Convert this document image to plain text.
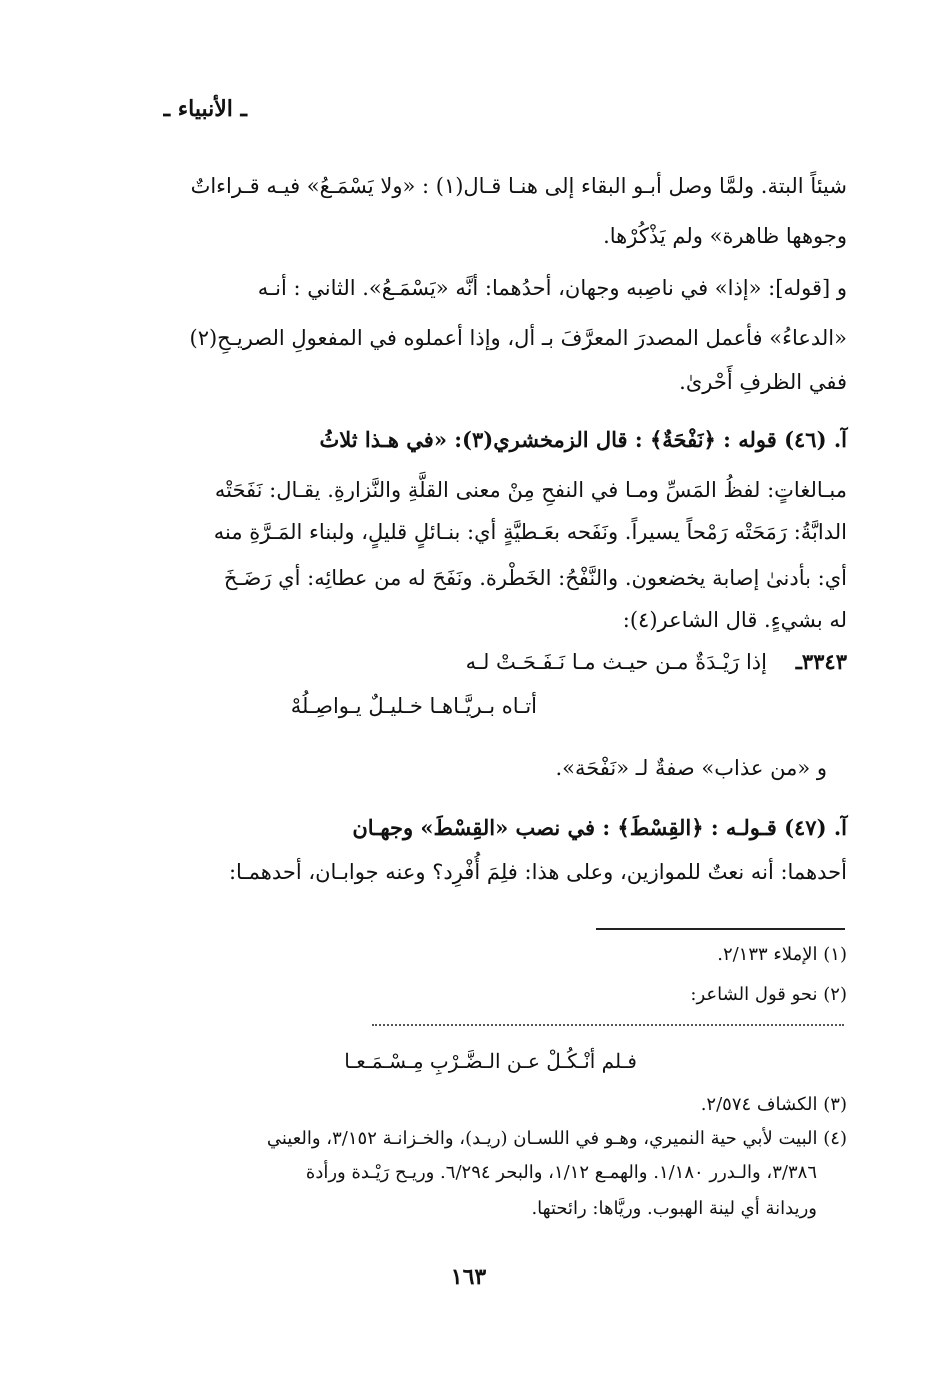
ـ الأنبياء ـ
شيئاً البتة. ولمَّا وصل أبـو البقاء إلى هنـا قـال(١) : «ولا يَسْمَـعُ» فيـه قـراءاتٌ
وجوهها ظاهرة» ولم يَذْكُرْها.
و [قوله]: «إذا» في ناصِبه وجهان، أحدُهما: أنَّه «يَسْمَـعُ». الثاني : أنـه
«الدعاءُ» فأعمل المصدرَ المعرَّفَ بـ أل، وإذا أعملوه في المفعولِ الصريـحِ(٢)
ففي الظرفِ أَحْرىٰ.
آ. (٤٦) قوله : ﴿نَفْحَةٌ﴾ : قال الزمخشري(٣): «في هـذا ثلاثُ
مبـالغاتٍ: لفظُ المَسِّ ومـا في النفحِ مِنْ معنى القلَّةِ والنَّزارةِ. يقـال: نَفَحَتْه
الدابَّةُ: رَمَحَتْه رَمْحاً يسيراً. ونَفَحه بعَـطيَّةٍ أي: بنـائلٍ قليلٍ، ولبناء المَـرَّةِ منه
أي: بأدنىٰ إصابة يخضعون. والنَّفْحُ: الخَطْرة. ونَفَحَ له من عطائِه: أي رَضَـخَ
له بشيءٍ. قال الشاعر(٤):
٣٣٤٣ـ
إذا رَيْـدَةٌ مـن حيـث مـا نَـفَـحَـتْ لـه
أتـاه بـريَّـاهـا خـليـلٌ يـواصِـلُهْ
و «من عذاب» صفةٌ لـ «نَفْحَة».
آ. (٤٧) قـولـه : ﴿القِسْطَ﴾ : في نصب «القِسْطَ» وجهـان
أحدهما: أنه نعتٌ للموازين، وعلى هذا: فلِمَ أُفْرِد؟ وعنه جوابـان، أحدهمـا:
(١) الإملاء ٢/١٣٣.
(٢) نحو قول الشاعر:
فـلم أنْـكُـلْ عـن الـضَّـرْبِ مِـسْـمَـعـا
(٣) الكشاف ٢/٥٧٤.
(٤) البيت لأبي حية النميري، وهـو في اللسـان (ريـد)، والخـزانـة ٣/١٥٢، والعيني
٣/٣٨٦، والـدرر ١/١٨٠. والهمـع ١/١٢، والبحر ٦/٢٩٤. وريـح رَيْـدة ورأدة
وريدانة أي لينة الهبوب. وريَّاها: رائحتها.
١٦٣
